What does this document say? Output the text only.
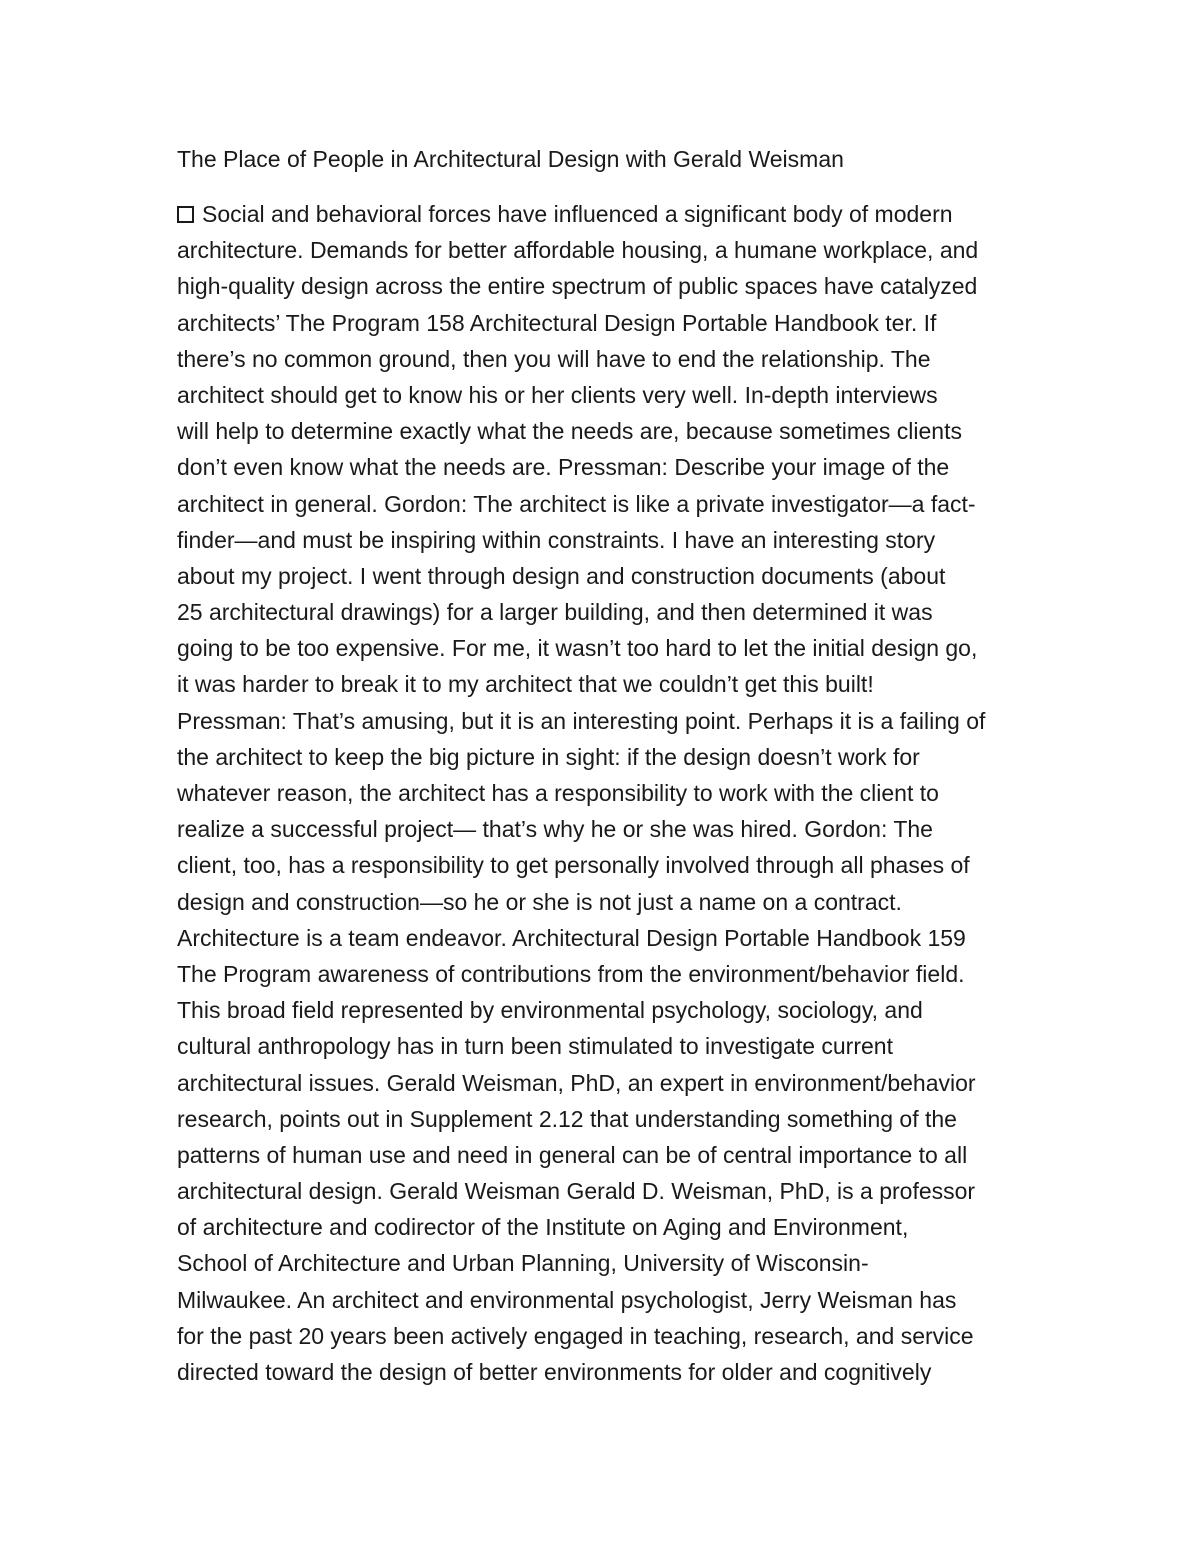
The Place of People in Architectural Design with Gerald Weisman
Social and behavioral forces have influenced a significant body of modern
architecture. Demands for better affordable housing, a humane workplace, and
high-quality design across the entire spectrum of public spaces have catalyzed
architects’ The Program 158 Architectural Design Portable Handbook ter. If
there’s no common ground, then you will have to end the relationship. The
architect should get to know his or her clients very well. In-depth interviews
will help to determine exactly what the needs are, because sometimes clients
don’t even know what the needs are. Pressman: Describe your image of the
architect in general. Gordon: The architect is like a private investigator—a fact-
finder—and must be inspiring within constraints. I have an interesting story
about my project. I went through design and construction documents (about
25 architectural drawings) for a larger building, and then determined it was
going to be too expensive. For me, it wasn’t too hard to let the initial design go,
it was harder to break it to my architect that we couldn’t get this built!
Pressman: That’s amusing, but it is an interesting point. Perhaps it is a failing of
the architect to keep the big picture in sight: if the design doesn’t work for
whatever reason, the architect has a responsibility to work with the client to
realize a successful project— that’s why he or she was hired. Gordon: The
client, too, has a responsibility to get personally involved through all phases of
design and construction—so he or she is not just a name on a contract.
Architecture is a team endeavor. Architectural Design Portable Handbook 159
The Program awareness of contributions from the environment/behavior field.
This broad field represented by environmental psychology, sociology, and
cultural anthropology has in turn been stimulated to investigate current
architectural issues. Gerald Weisman, PhD, an expert in environment/behavior
research, points out in Supplement 2.12 that understanding something of the
patterns of human use and need in general can be of central importance to all
architectural design. Gerald Weisman Gerald D. Weisman, PhD, is a professor
of architecture and codirector of the Institute on Aging and Environment,
School of Architecture and Urban Planning, University of Wisconsin-
Milwaukee. An architect and environmental psychologist, Jerry Weisman has
for the past 20 years been actively engaged in teaching, research, and service
directed toward the design of better environments for older and cognitively
